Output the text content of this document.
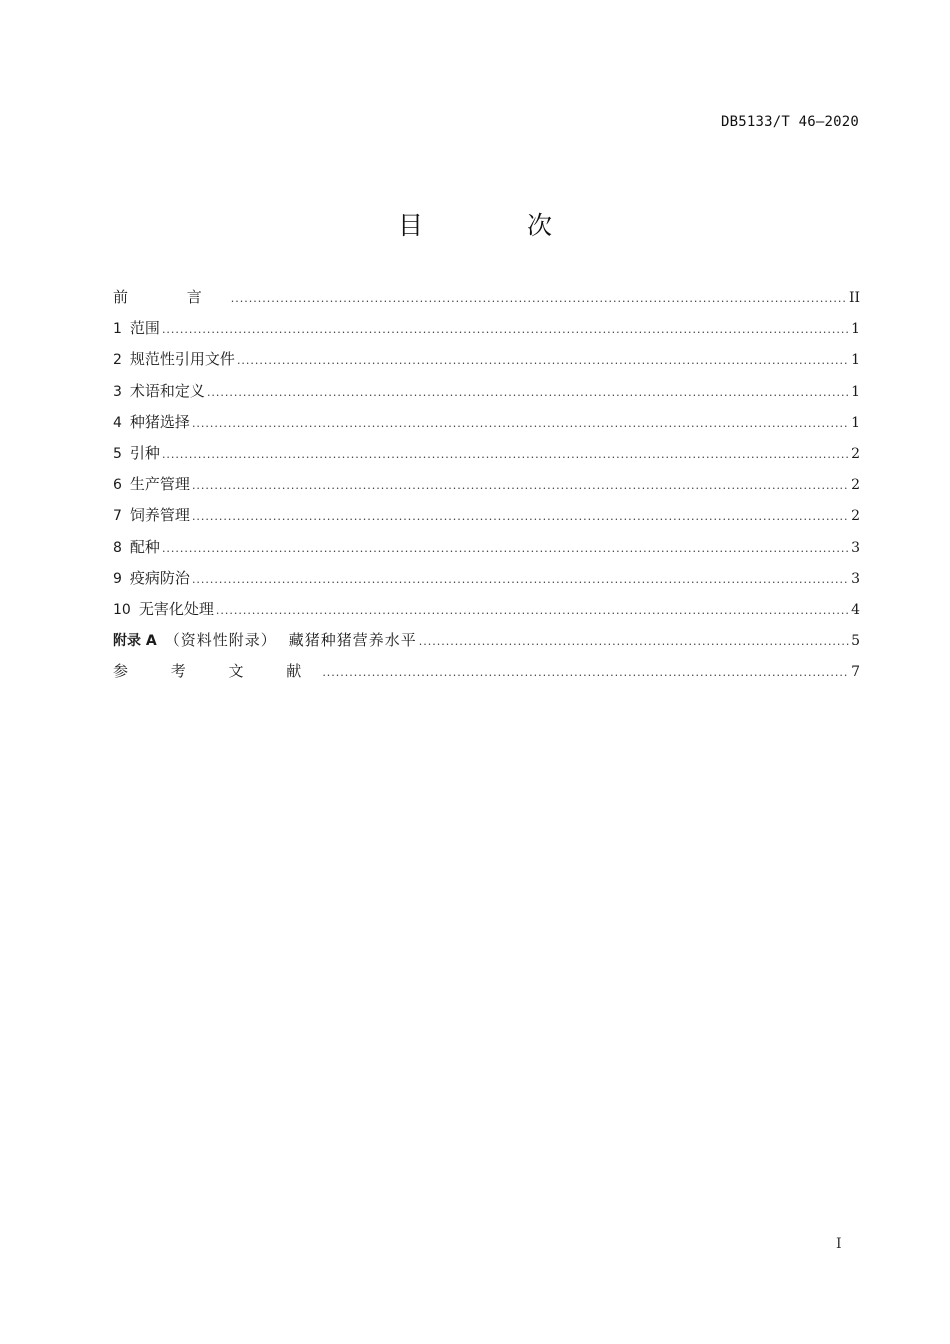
DB5133/T 46—2020
目 次
前 言 .....	II
1 范围 .....	1
2 规范性引用文件 .....	1
3 术语和定义 .....	1
4 种猪选择 .....	1
5 引种 .....	2
6 生产管理 .....	2
7 饲养管理 .....	2
8 配种 .....	3
9 疫病防治 .....	3
10 无害化处理 .....	4
附录 A （资料性附录） 藏猪种猪营养水平 .....	5
参 考 文 献 .....	7
I
